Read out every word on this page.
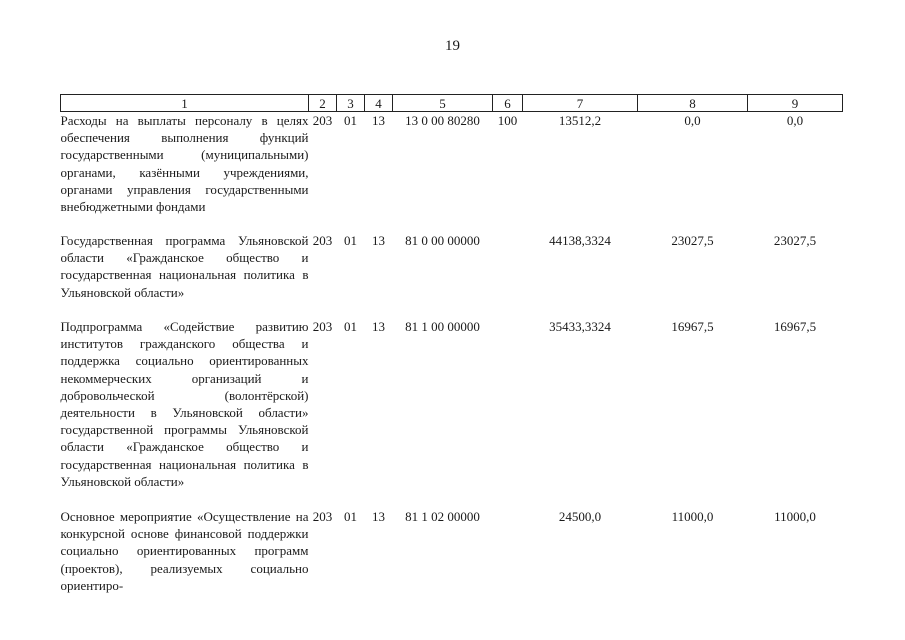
19
1	2	3	4	5	6	7	8	9
Расходы на выплаты персоналу в целях обеспечения выполнения функций государственными (муниципальными) органами, казёнными учреждениями, органами управления государственными внебюджетными фондами	203	01	13	13 0 00 80280	100	13512,2	0,0	0,0
Государственная программа Ульяновской области «Гражданское общество и государственная национальная политика в Ульяновской области»	203	01	13	81 0 00 00000		44138,3324	23027,5	23027,5
Подпрограмма «Содействие развитию институтов гражданского общества и поддержка социально ориентированных некоммерческих организаций и добровольческой (волонтёрской) деятельности в Ульяновской области» государственной программы Ульяновской области «Гражданское общество и государственная национальная политика в Ульяновской области»	203	01	13	81 1 00 00000		35433,3324	16967,5	16967,5
Основное мероприятие «Осуществление на конкурсной основе финансовой поддержки социально ориентированных программ (проектов), реализуемых социально ориентиро-	203	01	13	81 1 02 00000		24500,0	11000,0	11000,0
